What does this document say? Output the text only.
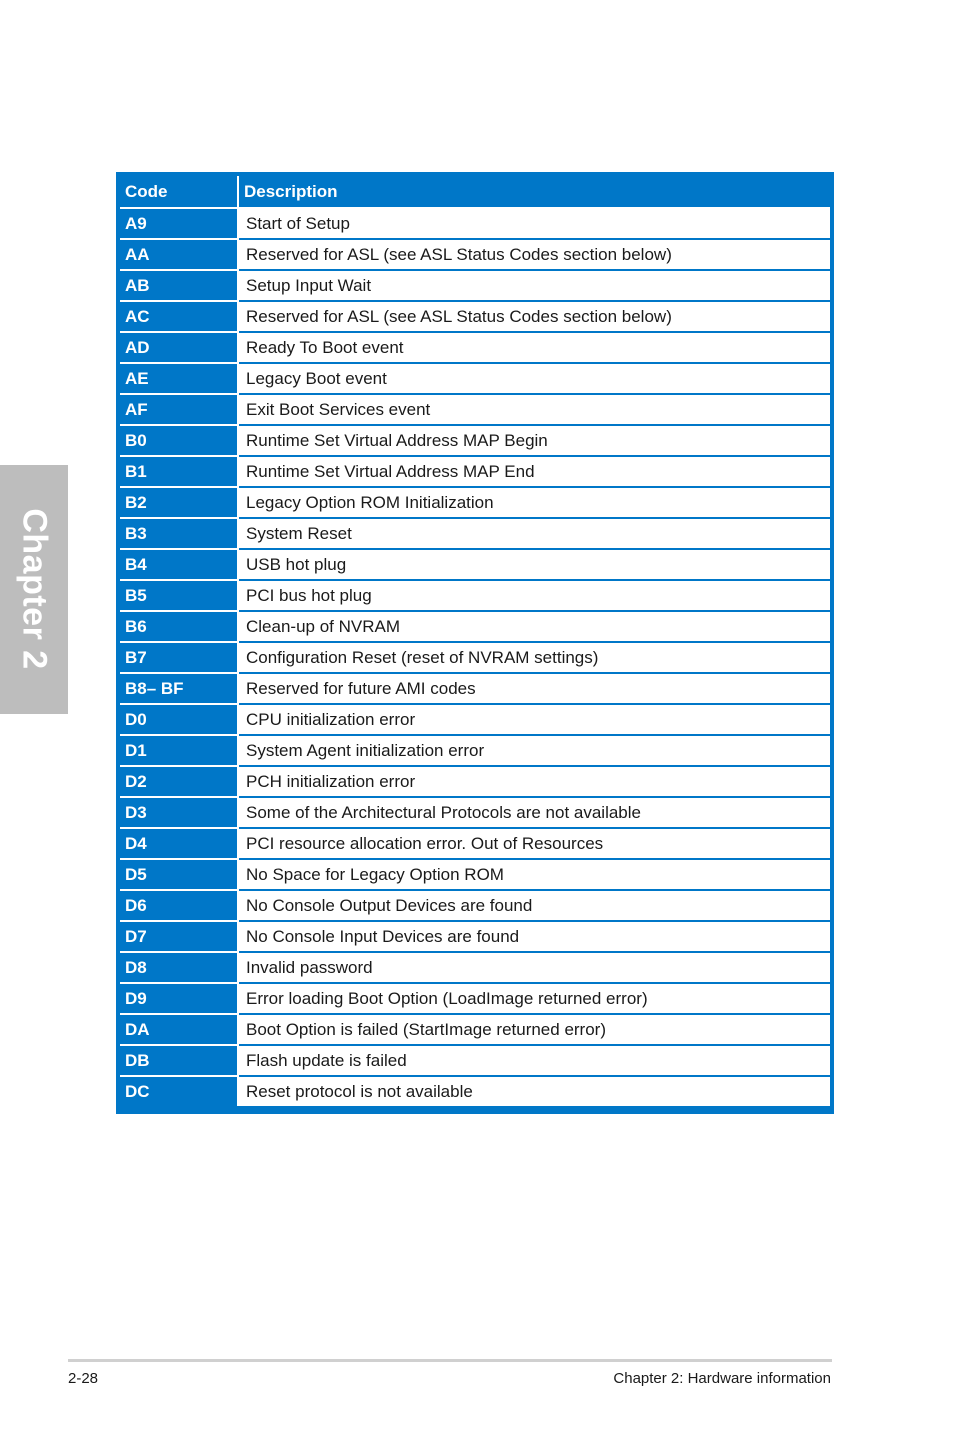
Chapter 2
Code	Description
A9	Start of Setup
AA	Reserved for ASL (see ASL Status Codes section below)
AB	Setup Input Wait
AC	Reserved for ASL (see ASL Status Codes section below)
AD	Ready To Boot event
AE	Legacy Boot event
AF	Exit Boot Services event
B0	Runtime Set Virtual Address MAP Begin
B1	Runtime Set Virtual Address MAP End
B2	Legacy Option ROM Initialization
B3	System Reset
B4	USB hot plug
B5	PCI bus hot plug
B6	Clean-up of NVRAM
B7	Configuration Reset (reset of NVRAM settings)
B8– BF	Reserved for future AMI codes
D0	CPU initialization error
D1	System Agent initialization error
D2	PCH initialization error
D3	Some of the Architectural Protocols are not available
D4	PCI resource allocation error. Out of Resources
D5	No Space for Legacy Option ROM
D6	No Console Output Devices are found
D7	No Console Input Devices are found
D8	Invalid password
D9	Error loading Boot Option (LoadImage returned error)
DA	Boot Option is failed (StartImage returned error)
DB	Flash update is failed
DC	Reset protocol is not available
2-28	Chapter 2: Hardware information
